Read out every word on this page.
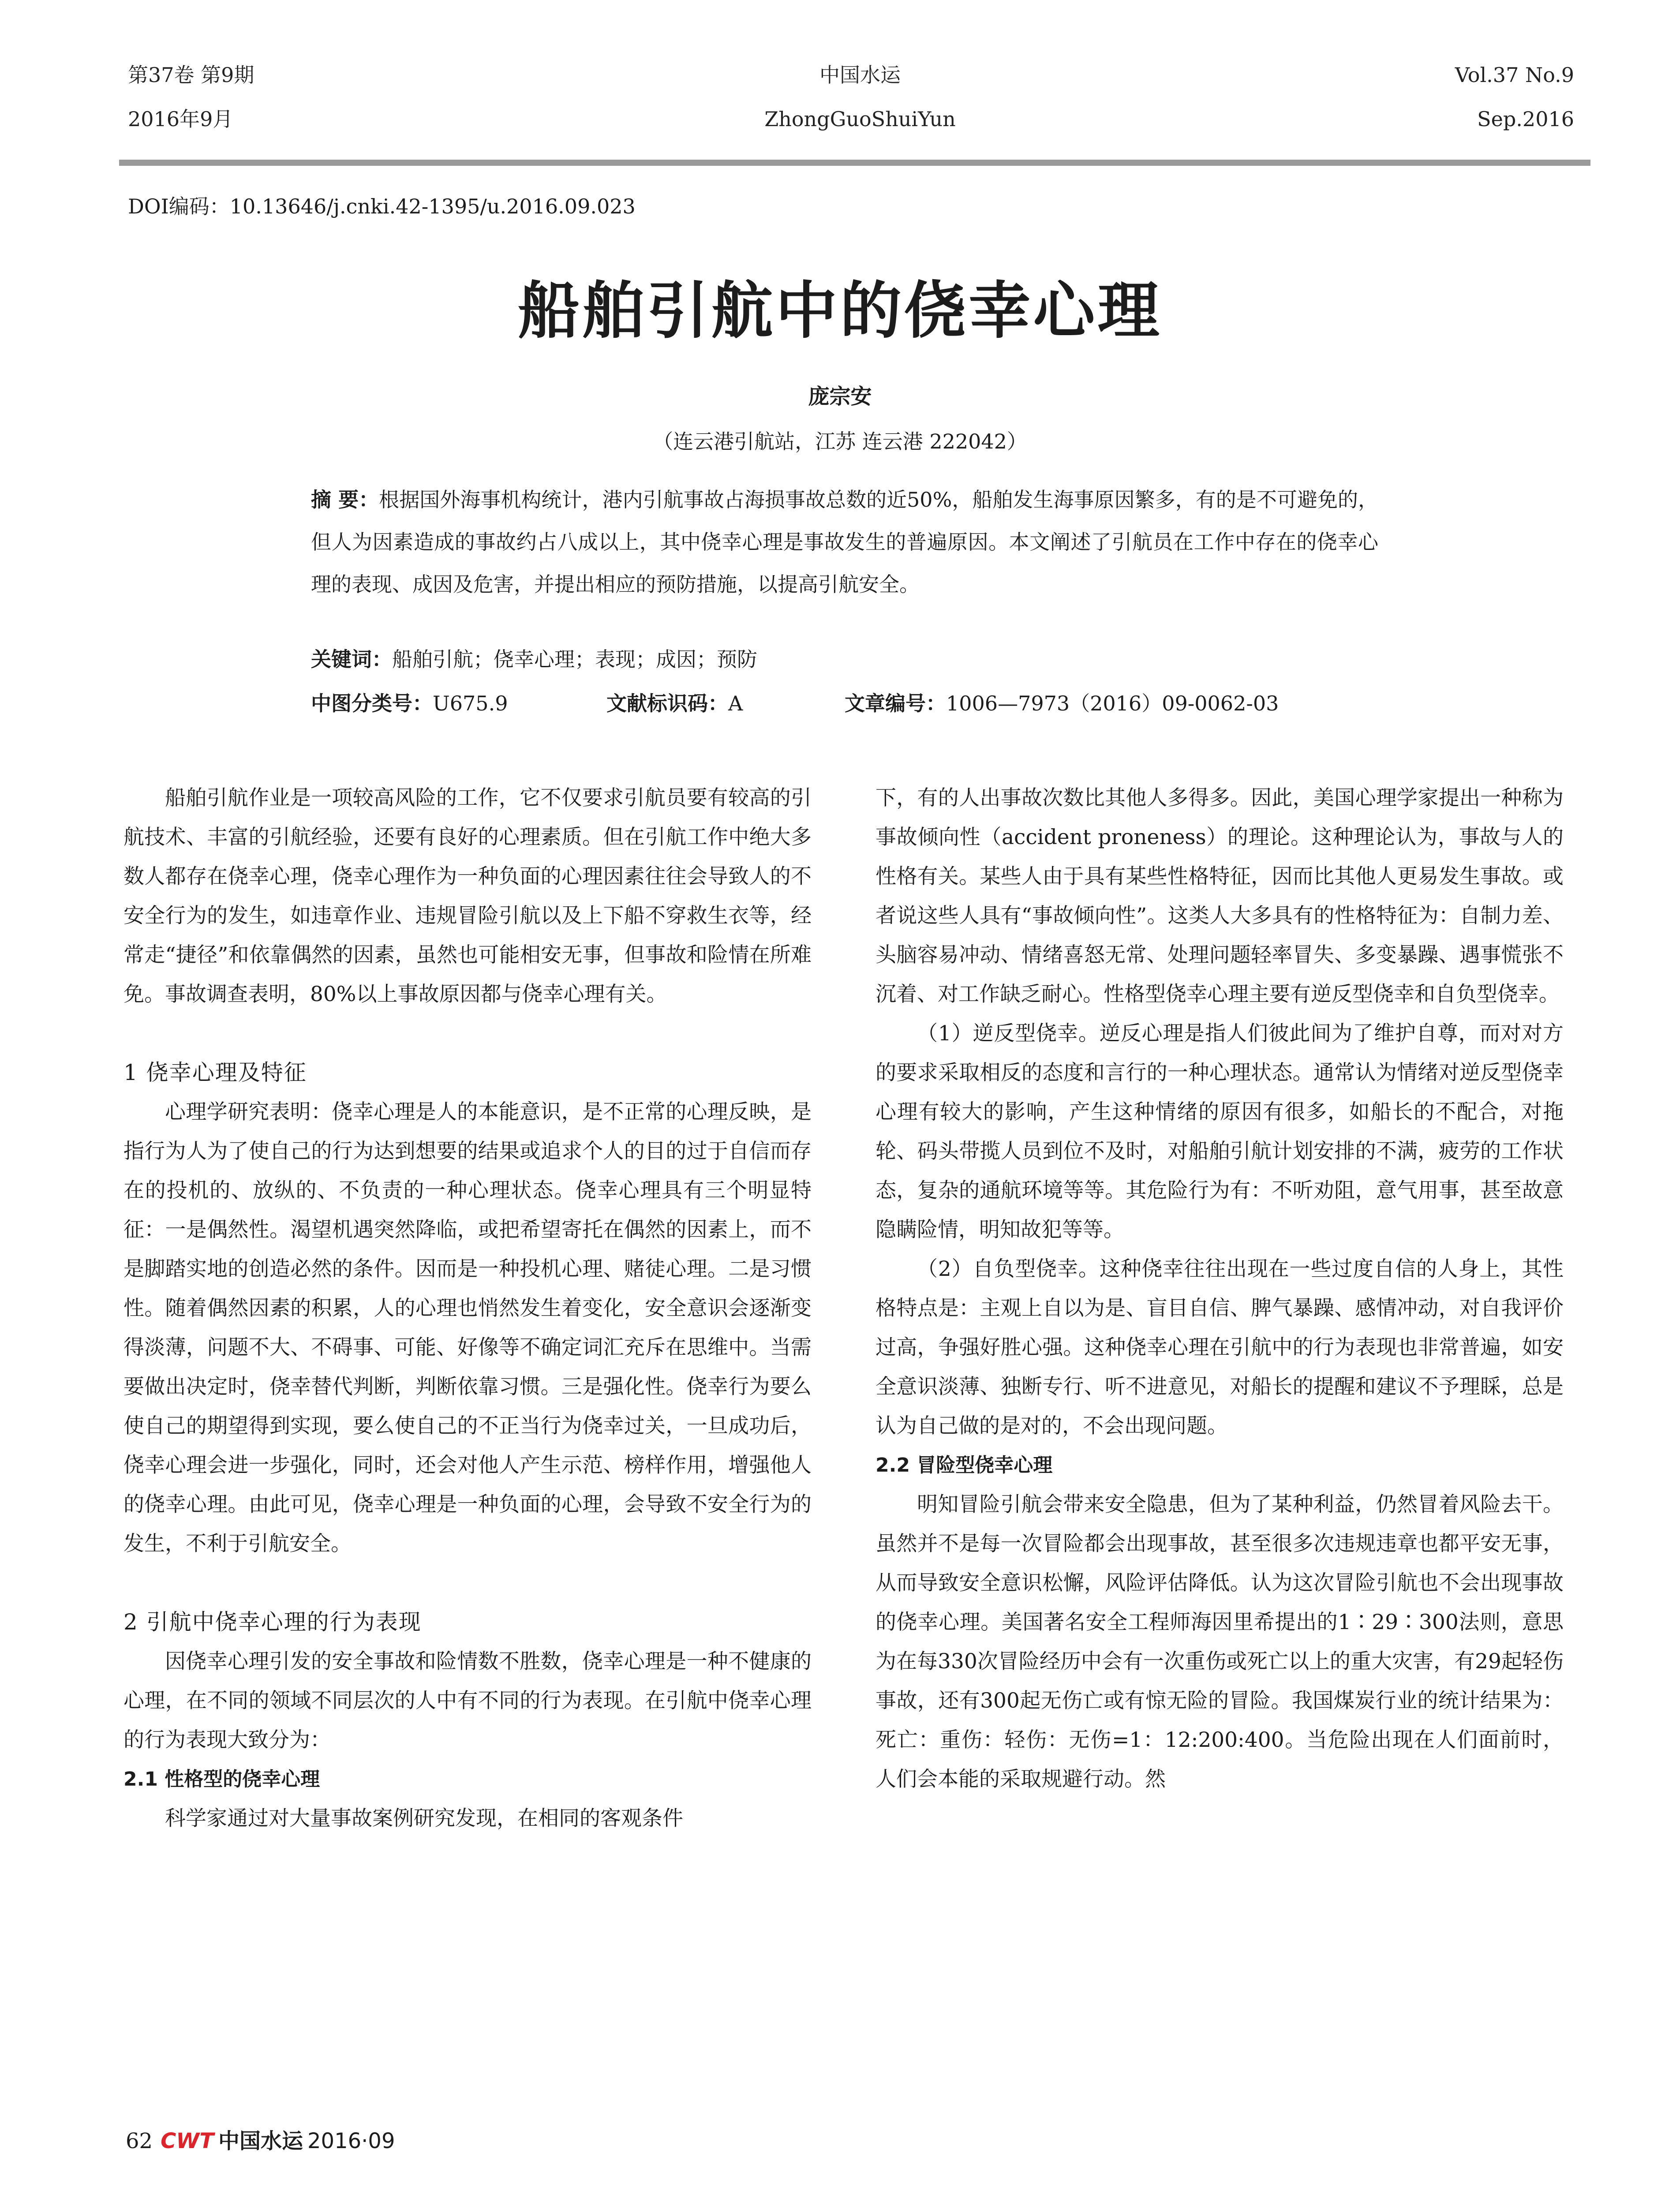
第37卷 第9期
2016年9月
中国水运
ZhongGuoShuiYun
Vol.37 No.9
Sep.2016
DOI编码：10.13646/j.cnki.42-1395/u.2016.09.023
船舶引航中的侥幸心理
庞宗安
（连云港引航站，江苏 连云港 222042）
摘 要：根据国外海事机构统计，港内引航事故占海损事故总数的近50%，船舶发生海事原因繁多，有的是不可避免的，但人为因素造成的事故约占八成以上，其中侥幸心理是事故发生的普遍原因。本文阐述了引航员在工作中存在的侥幸心理的表现、成因及危害，并提出相应的预防措施，以提高引航安全。
关键词：船舶引航；侥幸心理；表现；成因；预防
中图分类号：U675.9	文献标识码：A	文章编号：1006—7973（2016）09-0062-03

船舶引航作业是一项较高风险的工作，它不仅要求引航员要有较高的引航技术、丰富的引航经验，还要有良好的心理素质。但在引航工作中绝大多数人都存在侥幸心理，侥幸心理作为一种负面的心理因素往往会导致人的不安全行为的发生，如违章作业、违规冒险引航以及上下船不穿救生衣等，经常走“捷径”和依靠偶然的因素，虽然也可能相安无事，但事故和险情在所难免。事故调查表明，80%以上事故原因都与侥幸心理有关。

1 侥幸心理及特征

心理学研究表明：侥幸心理是人的本能意识，是不正常的心理反映，是指行为人为了使自己的行为达到想要的结果或追求个人的目的过于自信而存在的投机的、放纵的、不负责的一种心理状态。侥幸心理具有三个明显特征：一是偶然性。渴望机遇突然降临，或把希望寄托在偶然的因素上，而不是脚踏实地的创造必然的条件。因而是一种投机心理、赌徒心理。二是习惯性。随着偶然因素的积累，人的心理也悄然发生着变化，安全意识会逐渐变得淡薄，问题不大、不碍事、可能、好像等不确定词汇充斥在思维中。当需要做出决定时，侥幸替代判断，判断依靠习惯。三是强化性。侥幸行为要么使自己的期望得到实现，要么使自己的不正当行为侥幸过关，一旦成功后，侥幸心理会进一步强化，同时，还会对他人产生示范、榜样作用，增强他人的侥幸心理。由此可见，侥幸心理是一种负面的心理，会导致不安全行为的发生，不利于引航安全。

2 引航中侥幸心理的行为表现

因侥幸心理引发的安全事故和险情数不胜数，侥幸心理是一种不健康的心理，在不同的领域不同层次的人中有不同的行为表现。在引航中侥幸心理的行为表现大致分为：

2.1 性格型的侥幸心理

科学家通过对大量事故案例研究发现，在相同的客观条件

下，有的人出事故次数比其他人多得多。因此，美国心理学家提出一种称为事故倾向性（accident proneness）的理论。这种理论认为，事故与人的性格有关。某些人由于具有某些性格特征，因而比其他人更易发生事故。或者说这些人具有“事故倾向性”。这类人大多具有的性格特征为：自制力差、头脑容易冲动、情绪喜怒无常、处理问题轻率冒失、多变暴躁、遇事慌张不沉着、对工作缺乏耐心。性格型侥幸心理主要有逆反型侥幸和自负型侥幸。

（1）逆反型侥幸。逆反心理是指人们彼此间为了维护自尊，而对对方的要求采取相反的态度和言行的一种心理状态。通常认为情绪对逆反型侥幸心理有较大的影响，产生这种情绪的原因有很多，如船长的不配合，对拖轮、码头带揽人员到位不及时，对船舶引航计划安排的不满，疲劳的工作状态，复杂的通航环境等等。其危险行为有：不听劝阻，意气用事，甚至故意隐瞒险情，明知故犯等等。

（2）自负型侥幸。这种侥幸往往出现在一些过度自信的人身上，其性格特点是：主观上自以为是、盲目自信、脾气暴躁、感情冲动，对自我评价过高，争强好胜心强。这种侥幸心理在引航中的行为表现也非常普遍，如安全意识淡薄、独断专行、听不进意见，对船长的提醒和建议不予理睬，总是认为自己做的是对的，不会出现问题。

2.2 冒险型侥幸心理

明知冒险引航会带来安全隐患，但为了某种利益，仍然冒着风险去干。虽然并不是每一次冒险都会出现事故，甚至很多次违规违章也都平安无事，从而导致安全意识松懈，风险评估降低。认为这次冒险引航也不会出现事故的侥幸心理。美国著名安全工程师海因里希提出的1∶29∶300法则，意思为在每330次冒险经历中会有一次重伤或死亡以上的重大灾害，有29起轻伤事故，还有300起无伤亡或有惊无险的冒险。我国煤炭行业的统计结果为：死亡：重伤：轻伤：无伤=1：12:200:400。当危险出现在人们面前时，人们会本能的采取规避行动。然

62 CWT 中国水运 2016·09
